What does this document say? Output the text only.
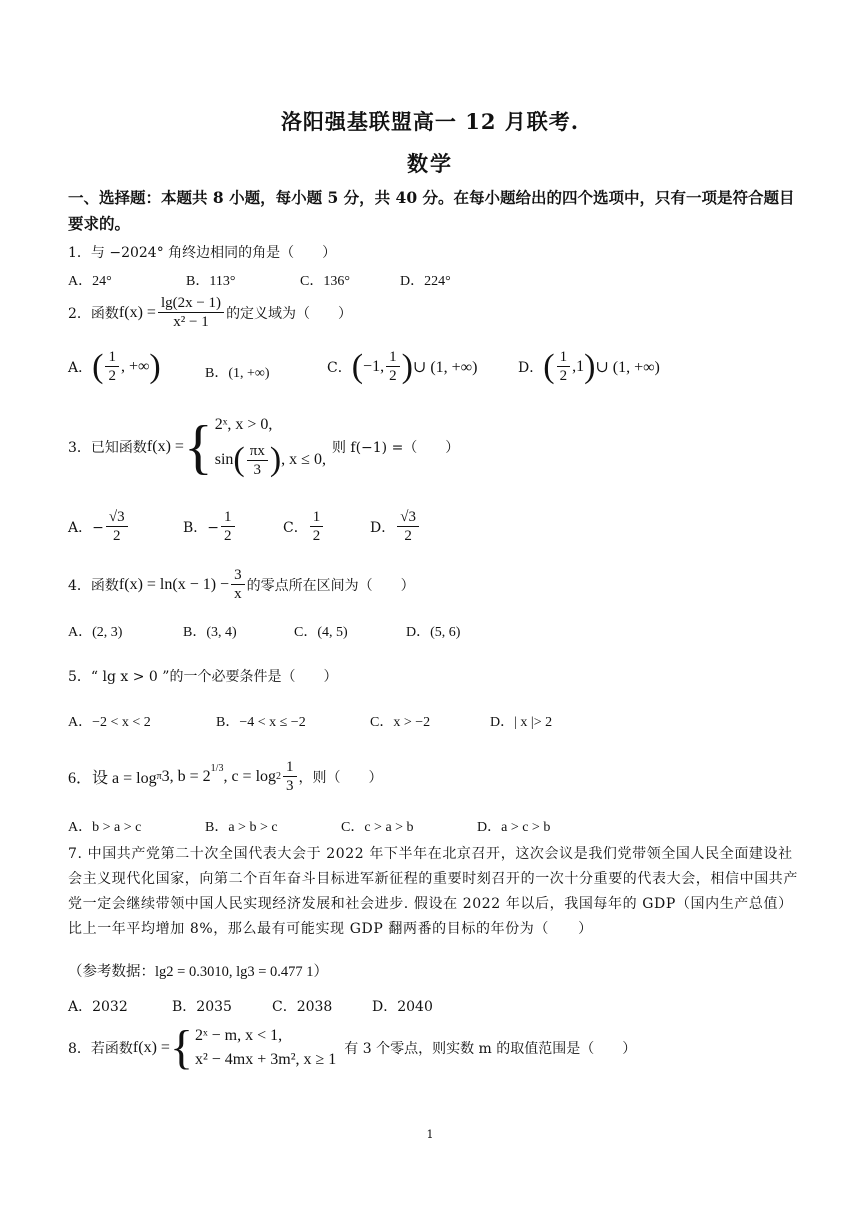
洛阳强基联盟高一 12 月联考.
数学
一、选择题：本题共 8 小题，每小题 5 分，共 40 分。在每小题给出的四个选项中，只有一项是符合题目要求的。
1．与 −2024° 角终边相同的角是（　　）
A．24°	B．113°	C．136°	D．224°
2．函数 $f(x) = \frac{\lg(2x - 1)}{\text{x² − 1}}$ 的定义域为（　　）
A． ( $\frac{1}{2}$ , +∞ )	B．(1, +∞)	C． ( −1, $\frac{1}{2}$ ) ∪ (1, +∞)	D． ( $\frac{1}{2} ,1$ ) ∪ (1, +∞)
3．已知函数 f(x) = { 2ˣ, x > 0,
sin ( $\frac{\pi x}{3}$ ) , x ≤ 0,
则 f(−1) =（　　）
A．− $\frac{√3}{2}$	B．− $\frac{1}{2}$	C． $\frac{1}{2}$	D． $\frac{√3}{2}$
4．函数 $f(x) = \ln(x - 1) - \frac{3}{x}$ 的零点所在区间为（　　）
A．(2, 3)	B．(3, 4)	C．(4, 5)	D．(5, 6)
5．“ lg x > 0 ”的一个必要条件是（　　）
A．−2 < x < 2	B．−4 < x ≤ −2	C．x > −2	D．| x |> 2
6．设 a = log π 3, $b = 2^{1/3}$ , $c = \log 2 \frac{1}{3}$ ，则（　　）
A．b > a > c	B．a > b > c	C．c > a > b	D．a > c > b
7. 中国共产党第二十次全国代表大会于 2022 年下半年在北京召开，这次会议是我们党带领全国人民全面建设社会主义现代化国家，向第二个百年奋斗目标进军新征程的重要时刻召开的一次十分重要的代表大会，相信中国共产党一定会继续带领中国人民实现经济发展和社会进步. 假设在 2022 年以后，我国每年的 GDP（国内生产总值）比上一年平均增加 8%，那么最有可能实现 GDP 翻两番的目标的年份为（　　）
（参考数据：lg2 = 0.3010, lg3 = 0.477 1）
A．2032	B．2035	C．2038	D．2040
8．若函数 f(x) = { 2ˣ − m, x < 1,
x² − 4mx + 3m², x ≥ 1
有 3 个零点，则实数 m 的取值范围是（　　）
1
